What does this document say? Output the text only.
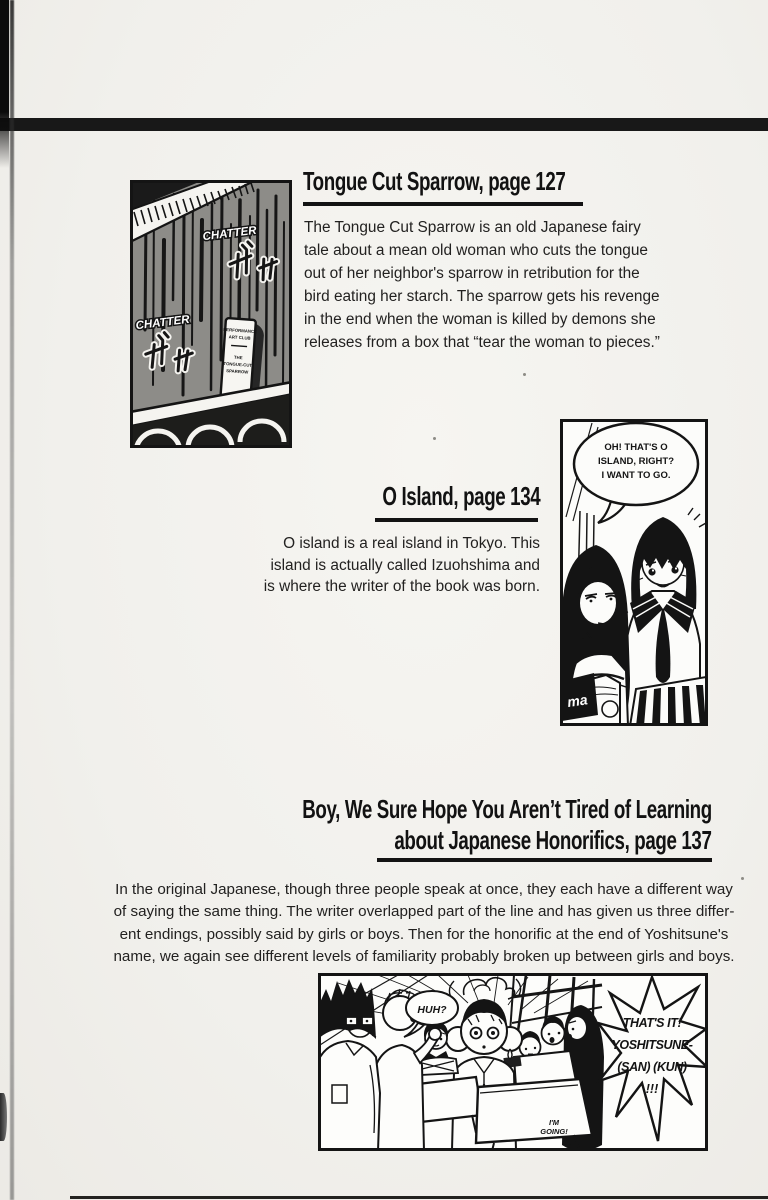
Tongue Cut Sparrow, page 127
The Tongue Cut Sparrow is an old Japanese fairy
tale about a mean old woman who cuts the tongue
out of her neighbor's sparrow in retribution for the
bird eating her starch. The sparrow gets his revenge
in the end when the woman is killed by demons she
releases from a box that “tear the woman to pieces.”
CHATTER
CHATTER	PERFORMANCE
ART CLUB
THE
TONGUE-CUT
SPARROW
O Island, page 134
O island is a real island in Tokyo. This
island is actually called Izuohshima and
is where the writer of the book was born.
OH! THAT'S O
ISLAND, RIGHT?
I WANT TO GO.
ma
Boy, We Sure Hope You Aren’t Tired of Learning
about Japanese Honorifics, page 137
In the original Japanese, though three people speak at once, they each have a different way
of saying the same thing. The writer overlapped part of the line and has given us three differ-
ent endings, possibly said by girls or boys. Then for the honorific at the end of Yoshitsune's
name, we again see different levels of familiarity probably broken up between girls and boys.
HUH?
I'M
GOING!
THAT'S IT!
YOSHITSUNE-
(SAN) (KUN)
!!!
